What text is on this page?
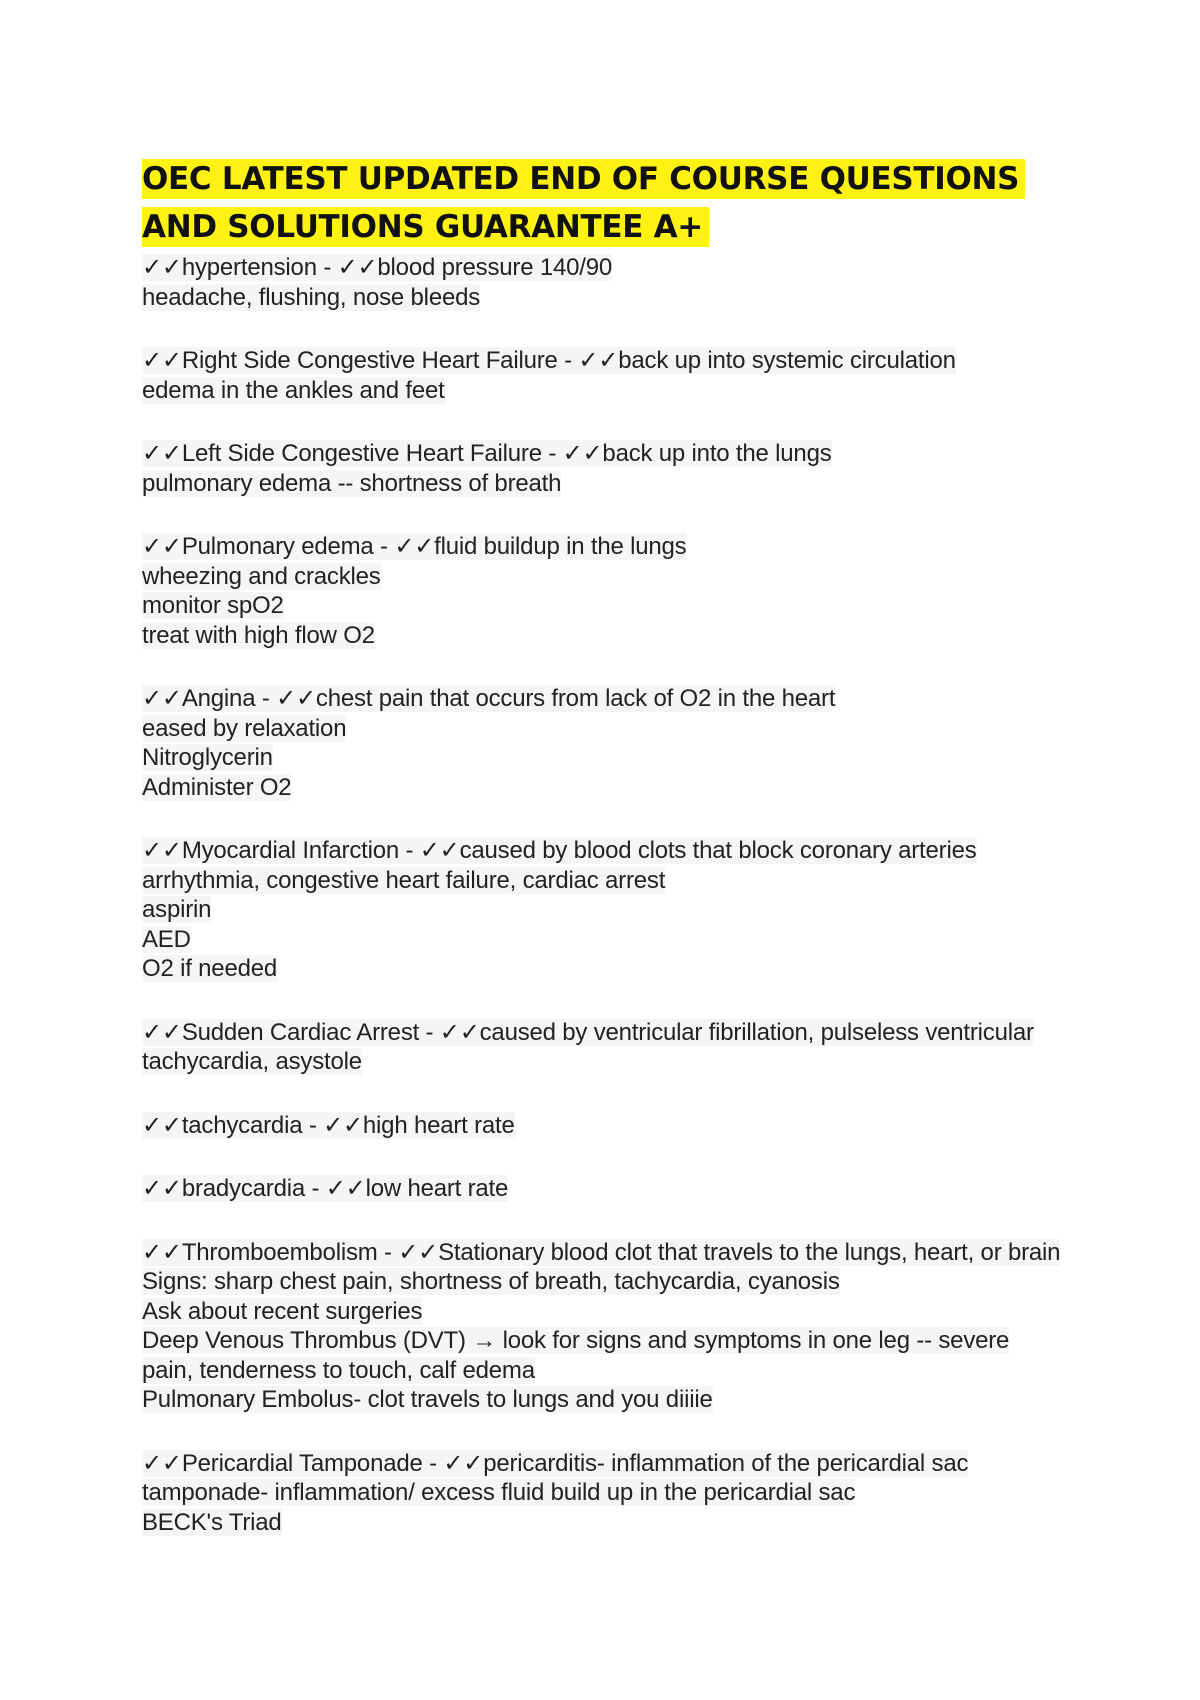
OEC LATEST UPDATED END OF COURSE QUESTIONS AND SOLUTIONS GUARANTEE A+
✓✓hypertension - ✓✓blood pressure 140/90
headache, flushing, nose bleeds
✓✓Right Side Congestive Heart Failure - ✓✓back up into systemic circulation
edema in the ankles and feet
✓✓Left Side Congestive Heart Failure - ✓✓back up into the lungs
pulmonary edema -- shortness of breath
✓✓Pulmonary edema - ✓✓fluid buildup in the lungs
wheezing and crackles
monitor spO2
treat with high flow O2
✓✓Angina - ✓✓chest pain that occurs from lack of O2 in the heart
eased by relaxation
Nitroglycerin
Administer O2
✓✓Myocardial Infarction - ✓✓caused by blood clots that block coronary arteries
arrhythmia, congestive heart failure, cardiac arrest
aspirin
AED
O2 if needed
✓✓Sudden Cardiac Arrest - ✓✓caused by ventricular fibrillation, pulseless ventricular
tachycardia, asystole
✓✓tachycardia - ✓✓high heart rate
✓✓bradycardia - ✓✓low heart rate
✓✓Thromboembolism - ✓✓Stationary blood clot that travels to the lungs, heart, or brain
Signs: sharp chest pain, shortness of breath, tachycardia, cyanosis
Ask about recent surgeries
Deep Venous Thrombus (DVT) → look for signs and symptoms in one leg -- severe
pain, tenderness to touch, calf edema
Pulmonary Embolus- clot travels to lungs and you diiiie
✓✓Pericardial Tamponade - ✓✓pericarditis- inflammation of the pericardial sac
tamponade- inflammation/ excess fluid build up in the pericardial sac
BECK's Triad
